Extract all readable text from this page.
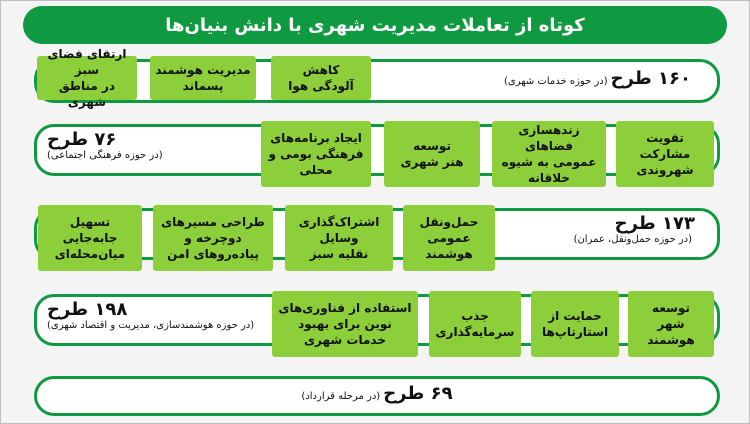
کوتاه از تعاملات مدیریت شهری با دانش بنیان‌ها
کاهش
آلودگی هوا
مدیریت هوشمند
پسماند
ارتقای فضای سبز
در مناطق شهری
۱۶۰ طرح(در حوزه خدمات شهری)
تقویت
مشارکت
شهروندی
زندهسازی فضاهای
عمومی به شیوه
خلاقانه
توسعه
هنر شهری
ایجاد برنامه‌های
فرهنگی بومی و
محلی
۷۶ طرح
(در حوزه فرهنگی اجتماعی)
حمل‌ونقل
عمومی
هوشمند
اشتراک‌گذاری
وسایل
نقلیه سبز
طراحی مسیرهای
دوچرخه و
پیاده‌روهای امن
تسهیل
جابه‌جایی
میان‌محله‌ای
۱۷۳ طرح
(در حوزه حمل‌ونقل، عمران)
توسعه
شهر
هوشمند
حمایت از
استارتاپ‌ها
جذب
سرمایه‌گذاری
استفاده از فناوری‌های
نوین برای بهبود
خدمات شهری
۱۹۸ طرح
(در حوزه هوشمندسازی، مدیریت و اقتصاد شهری)
۶۹ طرح(در مرحله قرارداد)
